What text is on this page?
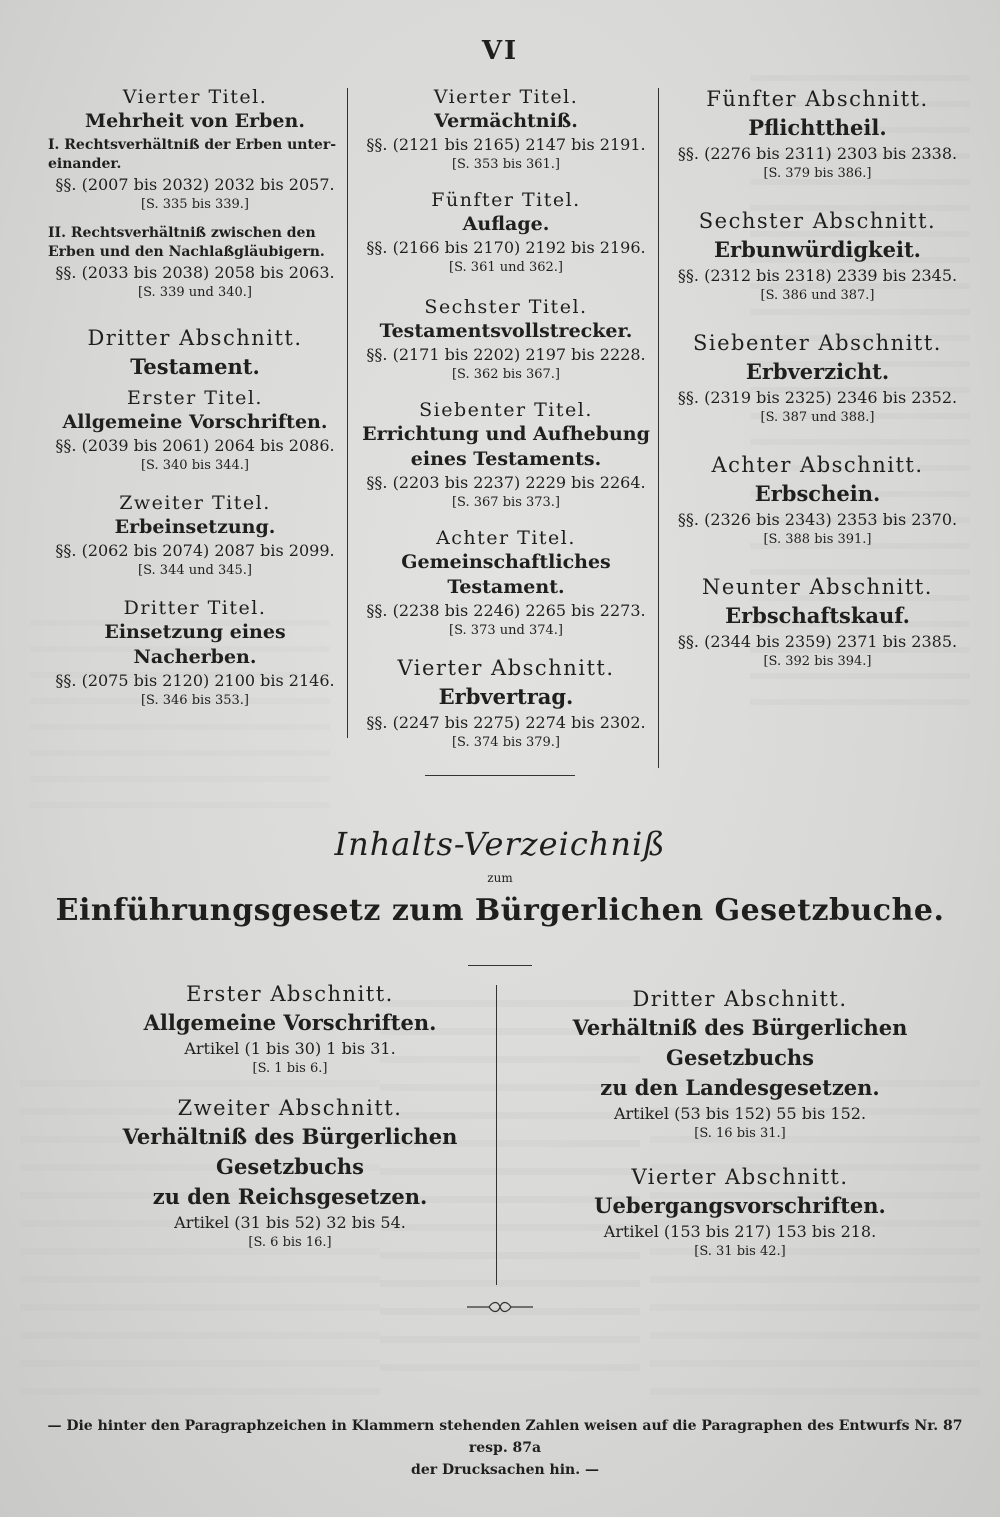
VI

Vierter Titel.

Mehrheit von Erben.

I. Rechtsverhältniß der Erben unter- einander.

§§. (2007 bis 2032) 2032 bis 2057.

[S. 335 bis 339.]

II. Rechtsverhältniß zwischen den Erben und den Nachlaßgläubigern.

§§. (2033 bis 2038) 2058 bis 2063.

[S. 339 und 340.]

Dritter Abschnitt.

Testament.

Erster Titel.

Allgemeine Vorschriften.

§§. (2039 bis 2061) 2064 bis 2086.

[S. 340 bis 344.]

Zweiter Titel.

Erbeinsetzung.

§§. (2062 bis 2074) 2087 bis 2099.

[S. 344 und 345.]

Dritter Titel.

Einsetzung eines Nacherben.

§§. (2075 bis 2120) 2100 bis 2146.

[S. 346 bis 353.]

Vierter Titel.

Vermächtniß.

§§. (2121 bis 2165) 2147 bis 2191.

[S. 353 bis 361.]

Fünfter Titel.

Auflage.

§§. (2166 bis 2170) 2192 bis 2196.

[S. 361 und 362.]

Sechster Titel.

Testamentsvollstrecker.

§§. (2171 bis 2202) 2197 bis 2228.

[S. 362 bis 367.]

Siebenter Titel.

Errichtung und Aufhebung eines Testaments.

§§. (2203 bis 2237) 2229 bis 2264.

[S. 367 bis 373.]

Achter Titel.

Gemeinschaftliches Testament.

§§. (2238 bis 2246) 2265 bis 2273.

[S. 373 und 374.]

Vierter Abschnitt.

Erbvertrag.

§§. (2247 bis 2275) 2274 bis 2302.

[S. 374 bis 379.]

Fünfter Abschnitt.

Pflichttheil.

§§. (2276 bis 2311) 2303 bis 2338.

[S. 379 bis 386.]

Sechster Abschnitt.

Erbunwürdigkeit.

§§. (2312 bis 2318) 2339 bis 2345.

[S. 386 und 387.]

Siebenter Abschnitt.

Erbverzicht.

§§. (2319 bis 2325) 2346 bis 2352.

[S. 387 und 388.]

Achter Abschnitt.

Erbschein.

§§. (2326 bis 2343) 2353 bis 2370.

[S. 388 bis 391.]

Neunter Abschnitt.

Erbschaftskauf.

§§. (2344 bis 2359) 2371 bis 2385.

[S. 392 bis 394.]

Inhalts-Verzeichniß
zum
Einführungsgesetz zum Bürgerlichen Gesetzbuche.

Erster Abschnitt.

Allgemeine Vorschriften.

Artikel (1 bis 30) 1 bis 31.

[S. 1 bis 6.]

Zweiter Abschnitt.

Verhältniß des Bürgerlichen Gesetzbuchs

zu den Reichsgesetzen.

Artikel (31 bis 52) 32 bis 54.

[S. 6 bis 16.]

Dritter Abschnitt.

Verhältniß des Bürgerlichen Gesetzbuchs

zu den Landesgesetzen.

Artikel (53 bis 152) 55 bis 152.

[S. 16 bis 31.]

Vierter Abschnitt.

Uebergangsvorschriften.

Artikel (153 bis 217) 153 bis 218.

[S. 31 bis 42.]

— Die hinter den Paragraphzeichen in Klammern stehenden Zahlen weisen auf die Paragraphen des Entwurfs Nr. 87 resp. 87a
der Drucksachen hin. —
